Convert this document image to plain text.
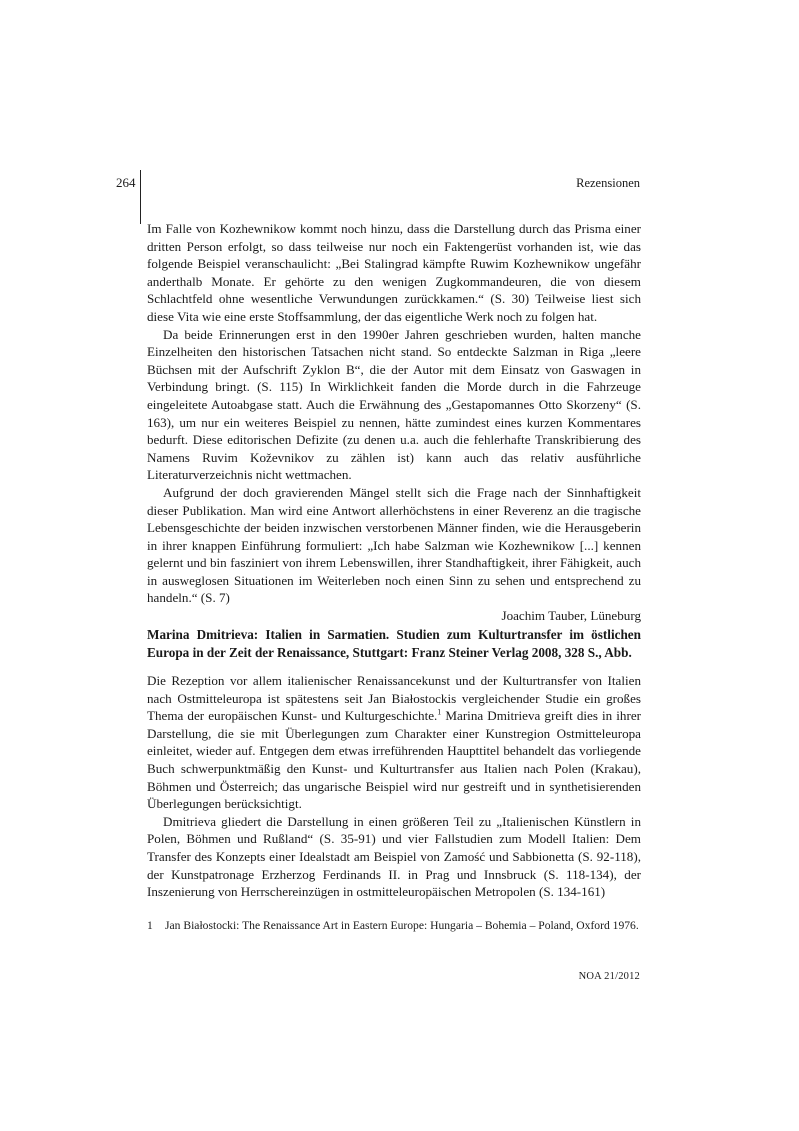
264	Rezensionen

Im Falle von Kozhewnikow kommt noch hinzu, dass die Darstellung durch das Prisma einer dritten Person erfolgt, so dass teilweise nur noch ein Faktengerüst vorhanden ist, wie das folgende Beispiel veranschaulicht: „Bei Stalingrad kämpfte Ruwim Kozhewnikow ungefähr anderthalb Monate. Er gehörte zu den wenigen Zugkommandeuren, die von diesem Schlachtfeld ohne wesentliche Verwundungen zurückkamen.“ (S. 30) Teilweise liest sich diese Vita wie eine erste Stoffsammlung, der das eigentliche Werk noch zu folgen hat.

Da beide Erinnerungen erst in den 1990er Jahren geschrieben wurden, halten manche Einzelheiten den historischen Tatsachen nicht stand. So entdeckte Salzman in Riga „leere Büchsen mit der Aufschrift Zyklon B“, die der Autor mit dem Einsatz von Gaswagen in Verbindung bringt. (S. 115) In Wirklichkeit fanden die Morde durch in die Fahrzeuge eingeleitete Autoabgase statt. Auch die Erwähnung des „Gestapomannes Otto Skorzeny“ (S. 163), um nur ein weiteres Beispiel zu nennen, hätte zumindest eines kurzen Kommentares bedurft. Diese editorischen Defizite (zu denen u.a. auch die fehlerhafte Transkribierung des Namens Ruvim Koževnikov zu zählen ist) kann auch das relativ ausführliche Literaturverzeichnis nicht wettmachen.

Aufgrund der doch gravierenden Mängel stellt sich die Frage nach der Sinnhaftigkeit dieser Publikation. Man wird eine Antwort allerhöchstens in einer Reverenz an die tragische Lebensgeschichte der beiden inzwischen verstorbenen Männer finden, wie die Herausgeberin in ihrer knappen Einführung formuliert: „Ich habe Salzman wie Kozhewnikow [...] kennen gelernt und bin fasziniert von ihrem Lebenswillen, ihrer Standhaftigkeit, ihrer Fähigkeit, auch in ausweglosen Situationen im Weiterleben noch einen Sinn zu sehen und entsprechend zu handeln.“ (S. 7)

Joachim Tauber, Lüneburg

Marina Dmitrieva: Italien in Sarmatien. Studien zum Kulturtransfer im östlichen Europa in der Zeit der Renaissance, Stuttgart: Franz Steiner Verlag 2008, 328 S., Abb.

Die Rezeption vor allem italienischer Renaissancekunst und der Kulturtransfer von Italien nach Ostmitteleuropa ist spätestens seit Jan Białostockis vergleichender Studie ein großes Thema der europäischen Kunst- und Kulturgeschichte.$^1$ Marina Dmitrieva greift dies in ihrer Darstellung, die sie mit Überlegungen zum Charakter einer Kunstregion Ostmitteleuropa einleitet, wieder auf. Entgegen dem etwas irreführenden Haupttitel behandelt das vorliegende Buch schwerpunktmäßig den Kunst- und Kulturtransfer aus Italien nach Polen (Krakau), Böhmen und Österreich; das ungarische Beispiel wird nur gestreift und in synthetisierenden Überlegungen berücksichtigt.

Dmitrieva gliedert die Darstellung in einen größeren Teil zu „Italienischen Künstlern in Polen, Böhmen und Rußland“ (S. 35-91) und vier Fallstudien zum Modell Italien: Dem Transfer des Konzepts einer Idealstadt am Beispiel von Zamość und Sabbionetta (S. 92-118), der Kunstpatronage Erzherzog Ferdinands II. in Prag und Innsbruck (S. 118-134), der Inszenierung von Herrschereinzügen in ostmitteleuropäischen Metropolen (S. 134-161)

1	Jan Białostocki: The Renaissance Art in Eastern Europe: Hungaria – Bohemia – Poland, Oxford 1976.
NOA 21/2012
